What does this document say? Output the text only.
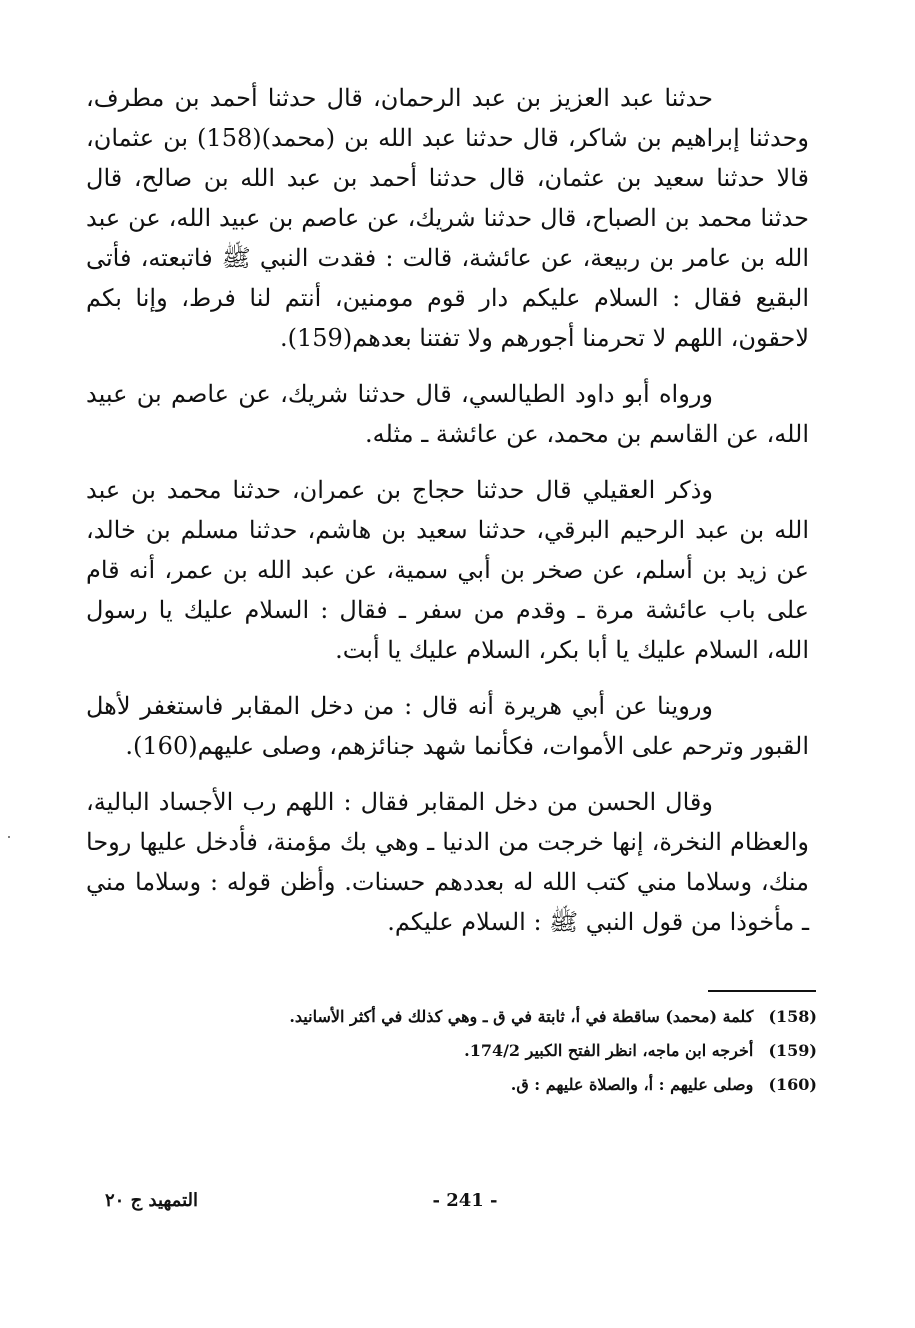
حدثنا عبد العزيز بن عبد الرحمان، قال حدثنا أحمد بن مطرف، وحدثنا إبراهيم بن شاكر، قال حدثنا عبد الله بن (محمد)(158) بن عثمان، قالا حدثنا سعيد بن عثمان، قال حدثنا أحمد بن عبد الله بن صالح، قال حدثنا محمد بن الصباح، قال حدثنا شريك، عن عاصم بن عبيد الله، عن عبد الله بن عامر بن ربيعة، عن عائشة، قالت : فقدت النبي ﷺ فاتبعته، فأتى البقيع فقال : السلام عليكم دار قوم مومنين، أنتم لنا فرط، وإنا بكم لاحقون، اللهم لا تحرمنا أجورهم ولا تفتنا بعدهم(159).

ورواه أبو داود الطيالسي، قال حدثنا شريك، عن عاصم بن عبيد الله، عن القاسم بن محمد، عن عائشة ـ مثله.

وذكر العقيلي قال حدثنا حجاج بن عمران، حدثنا محمد بن عبد الله بن عبد الرحيم البرقي، حدثنا سعيد بن هاشم، حدثنا مسلم بن خالد، عن زيد بن أسلم، عن صخر بن أبي سمية، عن عبد الله بن عمر، أنه قام على باب عائشة مرة ـ وقدم من سفر ـ فقال : السلام عليك يا رسول الله، السلام عليك يا أبا بكر، السلام عليك يا أبت.

وروينا عن أبي هريرة أنه قال : من دخل المقابر فاستغفر لأهل القبور وترحم على الأموات، فكأنما شهد جنائزهم، وصلى عليهم(160).

وقال الحسن من دخل المقابر فقال : اللهم رب الأجساد البالية، والعظام النخرة، إنها خرجت من الدنيا ـ وهي بك مؤمنة، فأدخل عليها روحا منك، وسلاما مني كتب الله له بعددهم حسنات. وأظن قوله : وسلاما مني ـ مأخوذا من قول النبي ﷺ : السلام عليكم.

(158) كلمة (محمد) ساقطة في أ، ثابتة في ق ـ وهي كذلك في أكثر الأسانيد.

(159) أخرجه ابن ماجه، انظر الفتح الكبير 174/2.

(160) وصلى عليهم : أ، والصلاة عليهم : ق.

- 241 -
التمهيد ج ٢٠
